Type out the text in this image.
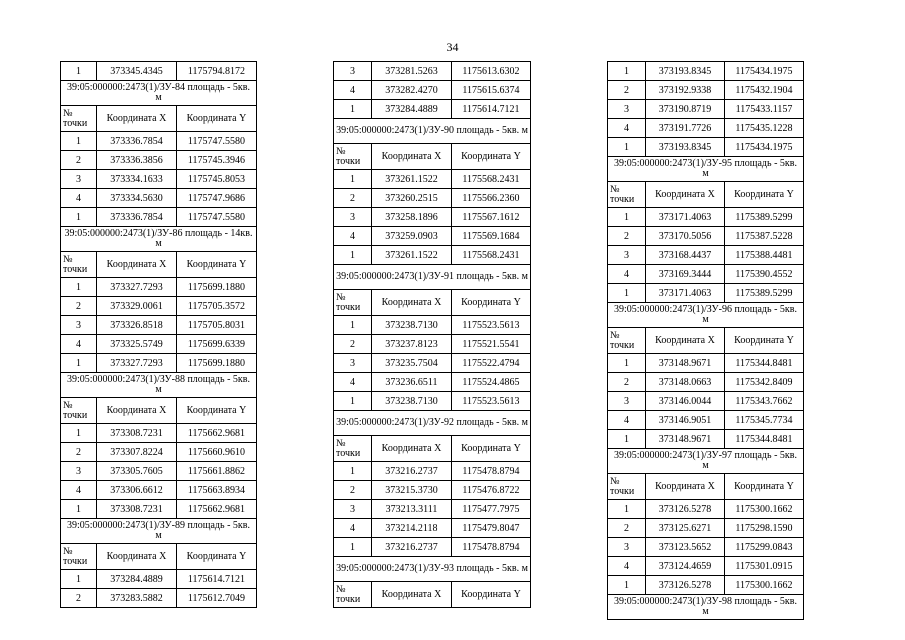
34
1	373345.4345	1175794.8172
39:05:000000:2473(1)/ЗУ-84 площадь - 5кв. м		
№ точки	Координата X	Координата Y
1	373336.7854	1175747.5580
2	373336.3856	1175745.3946
3	373334.1633	1175745.8053
4	373334.5630	1175747.9686
1	373336.7854	1175747.5580
39:05:000000:2473(1)/ЗУ-86 площадь - 14кв. м		
№ точки	Координата X	Координата Y
1	373327.7293	1175699.1880
2	373329.0061	1175705.3572
3	373326.8518	1175705.8031
4	373325.5749	1175699.6339
1	373327.7293	1175699.1880
39:05:000000:2473(1)/ЗУ-88 площадь - 5кв. м		
№ точки	Координата X	Координата Y
1	373308.7231	1175662.9681
2	373307.8224	1175660.9610
3	373305.7605	1175661.8862
4	373306.6612	1175663.8934
1	373308.7231	1175662.9681
39:05:000000:2473(1)/ЗУ-89 площадь - 5кв. м		
№ точки	Координата X	Координата Y
1	373284.4889	1175614.7121
2	373283.5882	1175612.7049
3	373281.5263	1175613.6302
4	373282.4270	1175615.6374
1	373284.4889	1175614.7121
39:05:000000:2473(1)/ЗУ-90 площадь - 5кв. м		
№ точки	Координата X	Координата Y
1	373261.1522	1175568.2431
2	373260.2515	1175566.2360
3	373258.1896	1175567.1612
4	373259.0903	1175569.1684
1	373261.1522	1175568.2431
39:05:000000:2473(1)/ЗУ-91 площадь - 5кв. м		
№ точки	Координата X	Координата Y
1	373238.7130	1175523.5613
2	373237.8123	1175521.5541
3	373235.7504	1175522.4794
4	373236.6511	1175524.4865
1	373238.7130	1175523.5613
39:05:000000:2473(1)/ЗУ-92 площадь - 5кв. м		
№ точки	Координата X	Координата Y
1	373216.2737	1175478.8794
2	373215.3730	1175476.8722
3	373213.3111	1175477.7975
4	373214.2118	1175479.8047
1	373216.2737	1175478.8794
39:05:000000:2473(1)/ЗУ-93 площадь - 5кв. м		
№ точки	Координата X	Координата Y
1	373193.8345	1175434.1975
2	373192.9338	1175432.1904
3	373190.8719	1175433.1157
4	373191.7726	1175435.1228
1	373193.8345	1175434.1975
39:05:000000:2473(1)/ЗУ-95 площадь - 5кв. м		
№ точки	Координата X	Координата Y
1	373171.4063	1175389.5299
2	373170.5056	1175387.5228
3	373168.4437	1175388.4481
4	373169.3444	1175390.4552
1	373171.4063	1175389.5299
39:05:000000:2473(1)/ЗУ-96 площадь - 5кв. м		
№ точки	Координата X	Координата Y
1	373148.9671	1175344.8481
2	373148.0663	1175342.8409
3	373146.0044	1175343.7662
4	373146.9051	1175345.7734
1	373148.9671	1175344.8481
39:05:000000:2473(1)/ЗУ-97 площадь - 5кв. м		
№ точки	Координата X	Координата Y
1	373126.5278	1175300.1662
2	373125.6271	1175298.1590
3	373123.5652	1175299.0843
4	373124.4659	1175301.0915
1	373126.5278	1175300.1662
39:05:000000:2473(1)/ЗУ-98 площадь - 5кв. м		
